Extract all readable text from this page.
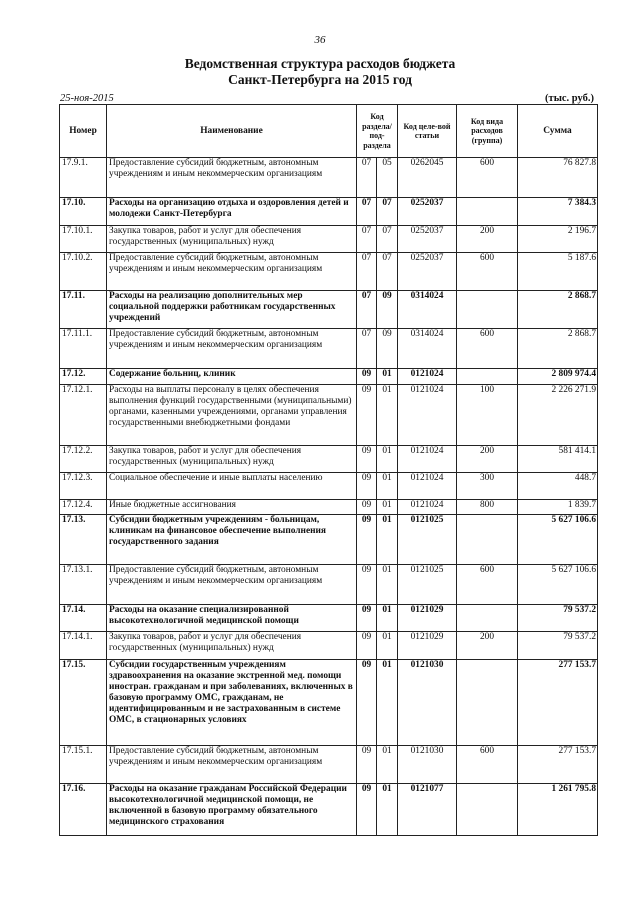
36
Ведомственная структура расходов бюджета
Санкт-Петербурга на 2015 год
25-ноя-2015	(тыс. руб.)
Номер	Наименование	Код раздела/ под-раздела		Код целе-вой статьи	Код вида расходов (группа)	Сумма
17.9.1.	Предоставление субсидий бюджетным, автономным учреждениям и иным некоммерческим организациям	07	05	0262045	600	76 827.8
17.10.	Расходы на организацию отдыха и оздоровления детей и молодежи Санкт-Петербурга	07	07	0252037		7 384.3
17.10.1.	Закупка товаров, работ и услуг для обеспечения государственных (муниципальных) нужд	07	07	0252037	200	2 196.7
17.10.2.	Предоставление субсидий бюджетным, автономным учреждениям и иным некоммерческим организациям	07	07	0252037	600	5 187.6
17.11.	Расходы на реализацию дополнительных мер социальной поддержки работникам государственных учреждений	07	09	0314024		2 868.7
17.11.1.	Предоставление субсидий бюджетным, автономным учреждениям и иным некоммерческим организациям	07	09	0314024	600	2 868.7
17.12.	Содержание больниц, клиник	09	01	0121024		2 809 974.4
17.12.1.	Расходы на выплаты персоналу в целях обеспечения выполнения функций государственными (муниципальными) органами, казенными учреждениями, органами управления государственными внебюджетными фондами	09	01	0121024	100	2 226 271.9
17.12.2.	Закупка товаров, работ и услуг для обеспечения государственных (муниципальных) нужд	09	01	0121024	200	581 414.1
17.12.3.	Социальное обеспечение и иные выплаты населению	09	01	0121024	300	448.7
17.12.4.	Иные бюджетные ассигнования	09	01	0121024	800	1 839.7
17.13.	Субсидии бюджетным учреждениям - больницам, клиникам на финансовое обеспечение выполнения государственного задания	09	01	0121025		5 627 106.6
17.13.1.	Предоставление субсидий бюджетным, автономным учреждениям и иным некоммерческим организациям	09	01	0121025	600	5 627 106.6
17.14.	Расходы на оказание специализированной высокотехнологичной медицинской помощи	09	01	0121029		79 537.2
17.14.1.	Закупка товаров, работ и услуг для обеспечения государственных (муниципальных) нужд	09	01	0121029	200	79 537.2
17.15.	Субсидии государственным учреждениям здравоохранения на оказание экстренной мед. помощи иностран. гражданам и при заболеваниях, включенных в базовую программу ОМС, гражданам, не идентифицированным и не застрахованным в системе ОМС, в стационарных условиях	09	01	0121030		277 153.7
17.15.1.	Предоставление субсидий бюджетным, автономным учреждениям и иным некоммерческим организациям	09	01	0121030	600	277 153.7
17.16.	Расходы на оказание гражданам Российской Федерации высокотехнологичной медицинской помощи, не включенной в базовую программу обязательного медицинского страхования	09	01	0121077		1 261 795.8
